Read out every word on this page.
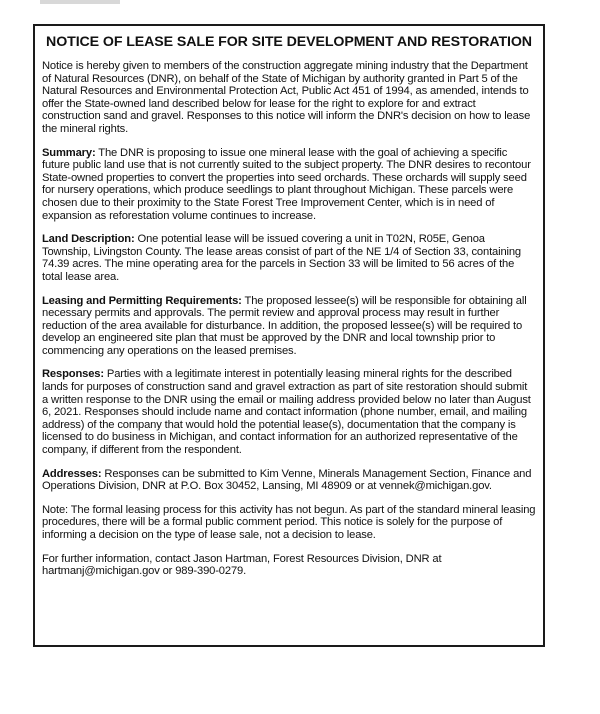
NOTICE OF LEASE SALE FOR SITE DEVELOPMENT AND RESTORATION

Notice is hereby given to members of the construction aggregate mining industry that the Department of Natural Resources (DNR), on behalf of the State of Michigan by authority granted in Part 5 of the Natural Resources and Environmental Protection Act, Public Act 451 of 1994, as amended, intends to offer the State-owned land described below for lease for the right to explore for and extract construction sand and gravel. Responses to this notice will inform the DNR's decision on how to lease the mineral rights.

Summary: The DNR is proposing to issue one mineral lease with the goal of achieving a specific future public land use that is not currently suited to the subject property. The DNR desires to recontour State-owned properties to convert the properties into seed orchards. These orchards will supply seed for nursery operations, which produce seedlings to plant throughout Michigan. These parcels were chosen due to their proximity to the State Forest Tree Improvement Center, which is in need of expansion as reforestation volume continues to increase.

Land Description: One potential lease will be issued covering a unit in T02N, R05E, Genoa Township, Livingston County. The lease areas consist of part of the NE 1/4 of Section 33, containing 74.39 acres. The mine operating area for the parcels in Section 33 will be limited to 56 acres of the total lease area.

Leasing and Permitting Requirements: The proposed lessee(s) will be responsible for obtaining all necessary permits and approvals. The permit review and approval process may result in further reduction of the area available for disturbance. In addition, the proposed lessee(s) will be required to develop an engineered site plan that must be approved by the DNR and local township prior to commencing any operations on the leased premises.

Responses: Parties with a legitimate interest in potentially leasing mineral rights for the described lands for purposes of construction sand and gravel extraction as part of site restoration should submit a written response to the DNR using the email or mailing address provided below no later than August 6, 2021. Responses should include name and contact information (phone number, email, and mailing address) of the company that would hold the potential lease(s), documentation that the company is licensed to do business in Michigan, and contact information for an authorized representative of the company, if different from the respondent.

Addresses: Responses can be submitted to Kim Venne, Minerals Management Section, Finance and Operations Division, DNR at P.O. Box 30452, Lansing, MI 48909 or at vennek@michigan.gov.

Note: The formal leasing process for this activity has not begun. As part of the standard mineral leasing procedures, there will be a formal public comment period. This notice is solely for the purpose of informing a decision on the type of lease sale, not a decision to lease.

For further information, contact Jason Hartman, Forest Resources Division, DNR at hartmanj@michigan.gov or 989-390-0279.
